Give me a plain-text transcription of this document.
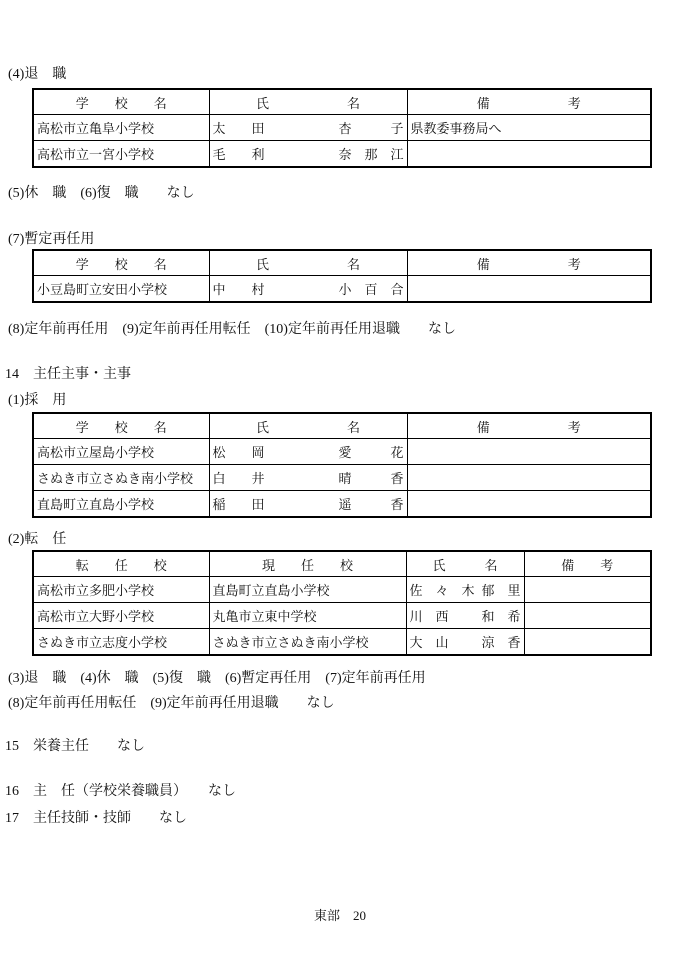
(4)退　職
学　　校　　名	氏　　　　　　名	備　　　　　　考
高松市立亀阜小学校	太　　田 杏　　　子	県教委事務局へ
高松市立一宮小学校	毛　　利 奈　那　江	

(5)休　職　(6)復　職　　なし
(7)暫定再任用
学　　校　　名	氏　　　　　　名	備　　　　　　考
小豆島町立安田小学校	中　　村 小　百　合	

(8)定年前再任用　(9)定年前再任用転任　(10)定年前再任用退職　　なし
14　主任主事・主事
(1)採　用
学　　校　　名	氏　　　　　　名	備　　　　　　考
高松市立屋島小学校	松　　岡 愛　　　花	

さぬき市立さぬき南小学校	白　　井 晴　　　香	

直島町立直島小学校	稲　　田 遥　　　香	

(2)転　任
転　　任　　校	現　　任　　校	氏　　　名	備　　考
高松市立多肥小学校	直島町立直島小学校	佐　々　木 郁　里	

高松市立大野小学校	丸亀市立東中学校	川　西 和　希	

さぬき市立志度小学校	さぬき市立さぬき南小学校	大　山 涼　香	

(3)退　職　(4)休　職　(5)復　職　(6)暫定再任用　(7)定年前再任用
(8)定年前再任用転任　(9)定年前再任用退職　　なし
15　栄養主任　　なし
16　主　任（学校栄養職員）　　なし
17　主任技師・技師　　なし
東部　20
